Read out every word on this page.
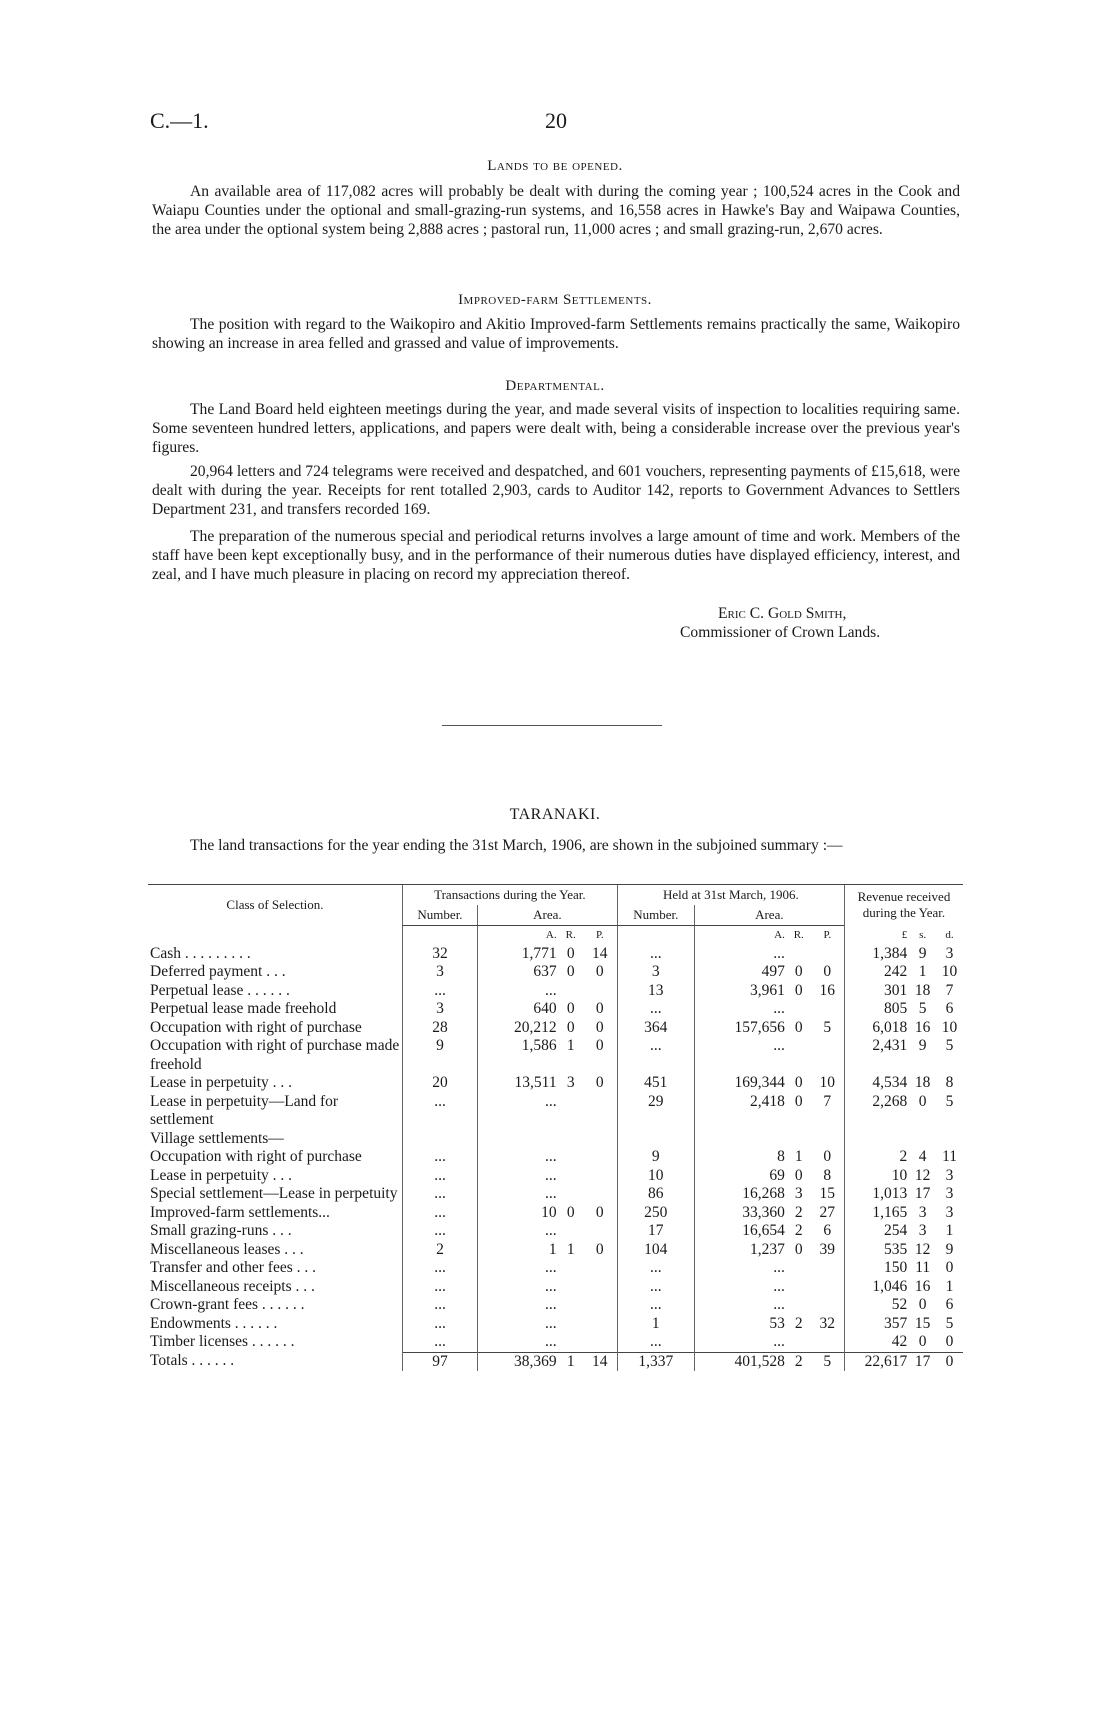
C.—1.	20
Lands to be opened.

An available area of 117,082 acres will probably be dealt with during the coming year ; 100,524 acres in the Cook and Waiapu Counties under the optional and small-grazing-run systems, and 16,558 acres in Hawke's Bay and Waipawa Counties, the area under the optional system being 2,888 acres ; pastoral run, 11,000 acres ; and small grazing-run, 2,670 acres.

Improved-farm Settlements.

The position with regard to the Waikopiro and Akitio Improved-farm Settlements remains practically the same, Waikopiro showing an increase in area felled and grassed and value of improvements.

Departmental.

The Land Board held eighteen meetings during the year, and made several visits of inspection to localities requiring same. Some seventeen hundred letters, applications, and papers were dealt with, being a considerable increase over the previous year's figures.

20,964 letters and 724 telegrams were received and despatched, and 601 vouchers, representing payments of £15,618, were dealt with during the year. Receipts for rent totalled 2,903, cards to Auditor 142, reports to Government Advances to Settlers Department 231, and transfers recorded 169.

The preparation of the numerous special and periodical returns involves a large amount of time and work. Members of the staff have been kept exceptionally busy, and in the performance of their numerous duties have displayed efficiency, interest, and zeal, and I have much pleasure in placing on record my appreciation thereof.

Eric C. Gold Smith,
Commissioner of Crown Lands.
TARANAKI.

The land transactions for the year ending the 31st March, 1906, are shown in the subjoined summary :—

Class of Selection.	Transactions during the Year.				Held at 31st March, 1906.				Revenue received during the Year.		
	Number.	Area.			Number.	Area.					
		A.	R.	P.		A.	R.	P.	£	s.	d.
Cash . . . . . . . . .	32	1,771	0	14	...	...			1,384	9	3
Deferred payment . . .	3	637	0	0	3	497	0	0	242	1	10
Perpetual lease . . . . . .	...	...			13	3,961	0	16	301	18	7
Perpetual lease made freehold	3	640	0	0	...	...			805	5	6
Occupation with right of purchase	28	20,212	0	0	364	157,656	0	5	6,018	16	10
Occupation with right of purchase made freehold	9	1,586	1	0	...	...			2,431	9	5
Lease in perpetuity . . .	20	13,511	3	0	451	169,344	0	10	4,534	18	8
Lease in perpetuity—Land for settlement	...	...			29	2,418	0	7	2,268	0	5
Village settlements—											
Occupation with right of purchase	...	...			9	8	1	0	2	4	11
Lease in perpetuity . . .	...	...			10	69	0	8	10	12	3
Special settlement—Lease in perpetuity	...	...			86	16,268	3	15	1,013	17	3
Improved-farm settlements...	...	10	0	0	250	33,360	2	27	1,165	3	3
Small grazing-runs . . .	...	...			17	16,654	2	6	254	3	1
Miscellaneous leases . . .	2	1	1	0	104	1,237	0	39	535	12	9
Transfer and other fees . . .	...	...			...	...			150	11	0
Miscellaneous receipts . . .	...	...			...	...			1,046	16	1
Crown-grant fees . . . . . .	...	...			...	...			52	0	6
Endowments . . . . . .	...	...			1	53	2	32	357	15	5
Timber licenses . . . . . .	...	...			...	...			42	0	0
Totals . . . . . .	97	38,369	1	14	1,337	401,528	2	5	22,617	17	0
